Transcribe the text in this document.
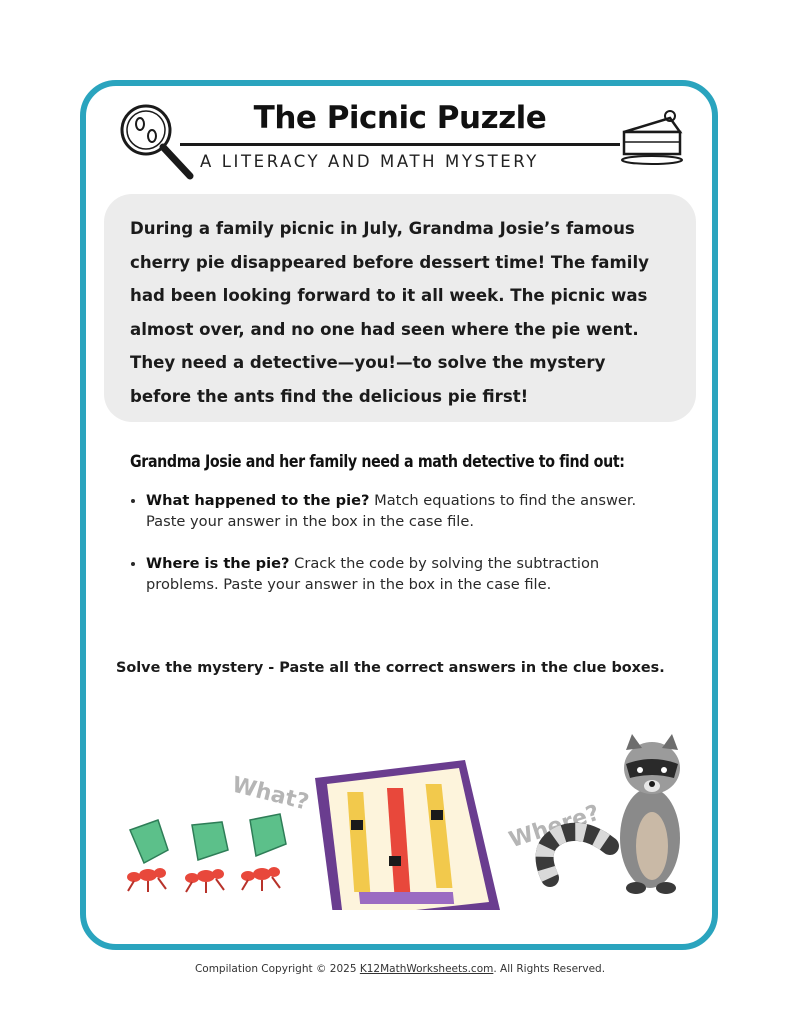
The Picnic Puzzle
A LITERACY AND MATH MYSTERY
During a family picnic in July, Grandma Josie’s famous cherry pie disappeared before dessert time! The family had been looking forward to it all week. The picnic was almost over, and no one had seen where the pie went. They need a detective—you!—to solve the mystery before the ants find the delicious pie first!
Grandma Josie and her family need a math detective to find out:
• What happened to the pie? Match equations to find the answer. Paste your answer in the box in the case file.
• Where is the pie? Crack the code by solving the subtraction problems. Paste your answer in the box in the case file.
Solve the mystery - Paste all the correct answers in the clue boxes.
What?
Where?
Compilation Copyright © 2025 K12MathWorksheets.com. All Rights Reserved.
